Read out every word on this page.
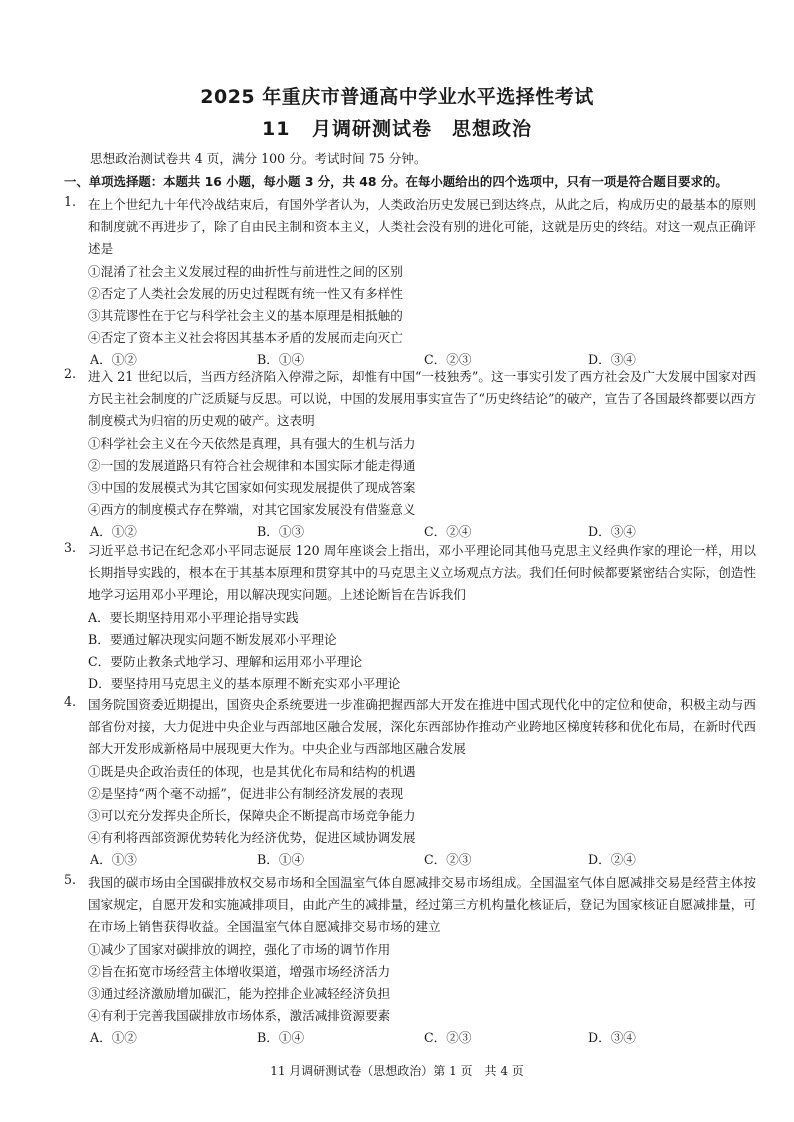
2025 年重庆市普通高中学业水平选择性考试
11 月调研测试卷　思想政治
思想政治测试卷共 4 页，满分 100 分。考试时间 75 分钟。
一、单项选择题：本题共 16 小题，每小题 3 分，共 48 分。在每小题给出的四个选项中，只有一项是符合题目要求的。
1. 在上个世纪九十年代冷战结束后，有国外学者认为，人类政治历史发展已到达终点，从此之后，构成历史的最基本的原则和制度就不再进步了，除了自由民主制和资本主义，人类社会没有别的进化可能，这就是历史的终结。对这一观点正确评述是
①混淆了社会主义发展过程的曲折性与前进性之间的区别
②否定了人类社会发展的历史过程既有统一性又有多样性
③其荒谬性在于它与科学社会主义的基本原理是相抵触的
④否定了资本主义社会将因其基本矛盾的发展而走向灭亡
A．①②	B．①④	C．②③	D．③④
2. 进入 21 世纪以后，当西方经济陷入停滞之际，却惟有中国“一枝独秀”。这一事实引发了西方社会及广大发展中国家对西方民主社会制度的广泛质疑与反思。可以说，中国的发展用事实宣告了“历史终结论”的破产，宣告了各国最终都要以西方制度模式为归宿的历史观的破产。这表明
①科学社会主义在今天依然是真理，具有强大的生机与活力
②一国的发展道路只有符合社会规律和本国实际才能走得通
③中国的发展模式为其它国家如何实现发展提供了现成答案
④西方的制度模式存在弊端，对其它国家发展没有借鉴意义
A．①②	B．①③	C．②④	D．③④
3. 习近平总书记在纪念邓小平同志诞辰 120 周年座谈会上指出，邓小平理论同其他马克思主义经典作家的理论一样，用以长期指导实践的，根本在于其基本原理和贯穿其中的马克思主义立场观点方法。我们任何时候都要紧密结合实际，创造性地学习运用邓小平理论，用以解决现实问题。上述论断旨在告诉我们
A．要长期坚持用邓小平理论指导实践
B．要通过解决现实问题不断发展邓小平理论
C．要防止教条式地学习、理解和运用邓小平理论
D．要坚持用马克思主义的基本原理不断充实邓小平理论
4. 国务院国资委近期提出，国资央企系统要进一步准确把握西部大开发在推进中国式现代化中的定位和使命，积极主动与西部省份对接，大力促进中央企业与西部地区融合发展，深化东西部协作推动产业跨地区梯度转移和优化布局，在新时代西部大开发形成新格局中展现更大作为。中央企业与西部地区融合发展
①既是央企政治责任的体现，也是其优化布局和结构的机遇
②是坚持“两个毫不动摇”，促进非公有制经济发展的表现
③可以充分发挥央企所长，保障央企不断提高市场竞争能力
④有利将西部资源优势转化为经济优势，促进区域协调发展
A．①③	B．①④	C．②③	D．②④
5. 我国的碳市场由全国碳排放权交易市场和全国温室气体自愿减排交易市场组成。全国温室气体自愿减排交易是经营主体按国家规定，自愿开发和实施减排项目，由此产生的减排量，经过第三方机构量化核证后，登记为国家核证自愿减排量，可在市场上销售获得收益。全国温室气体自愿减排交易市场的建立
①减少了国家对碳排放的调控，强化了市场的调节作用
②旨在拓宽市场经营主体增收渠道，增强市场经济活力
③通过经济激励增加碳汇，能为控排企业减轻经济负担
④有利于完善我国碳排放市场体系，激活减排资源要素
A．①②	B．①④	C．②③	D．③④
11 月调研测试卷（思想政治）第 1 页　共 4 页
